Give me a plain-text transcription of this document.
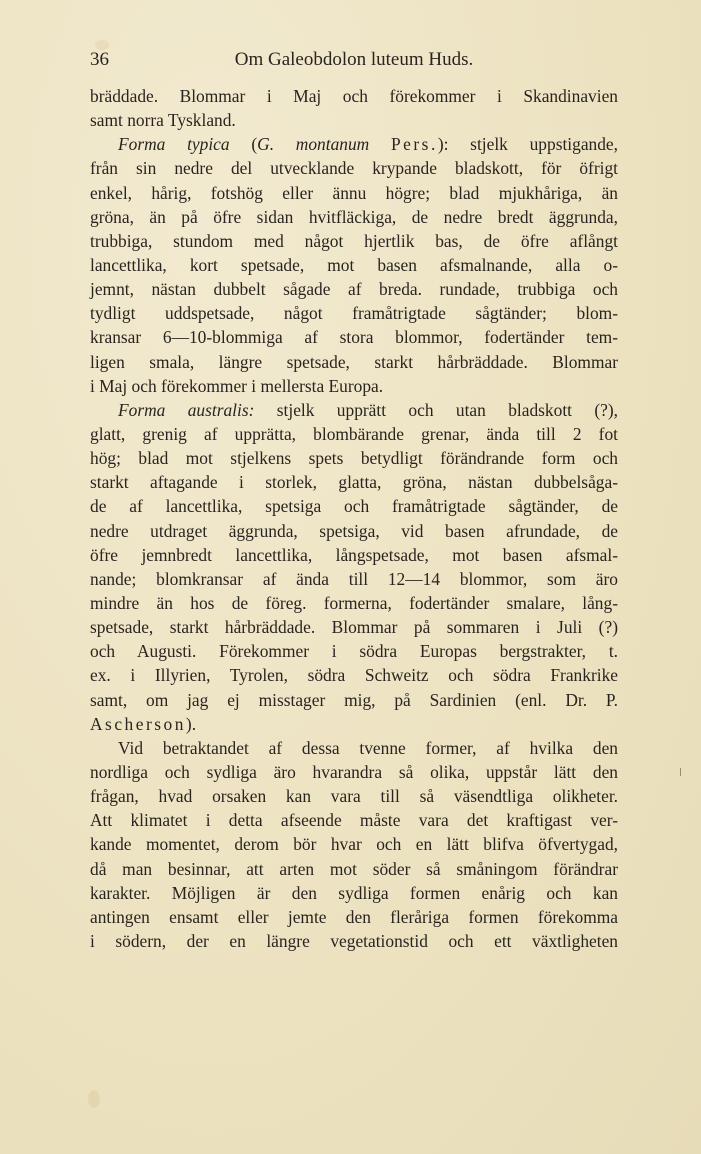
36	Om Galeobdolon luteum Huds.
bräddade. Blommar i Maj och förekommer i Skandinavien
samt norra Tyskland.
Forma typica (G. montanum Pers.): stjelk uppstigande,
från sin nedre del utvecklande krypande bladskott, för öfrigt
enkel, hårig, fotshög eller ännu högre; blad mjukhåriga, än
gröna, än på öfre sidan hvitfläckiga, de nedre bredt äggrunda,
trubbiga, stundom med något hjertlik bas, de öfre aflångt
lancettlika, kort spetsade, mot basen afsmalnande, alla o-
jemnt, nästan dubbelt sågade af breda. rundade, trubbiga och
tydligt uddspetsade, något framåtrigtade sågtänder; blom-
kransar 6—10-blommiga af stora blommor, fodertänder tem-
ligen smala, längre spetsade, starkt hårbräddade. Blommar
i Maj och förekommer i mellersta Europa.
Forma australis: stjelk upprätt och utan bladskott (?),
glatt, grenig af upprätta, blombärande grenar, ända till 2 fot
hög; blad mot stjelkens spets betydligt förändrande form och
starkt aftagande i storlek, glatta, gröna, nästan dubbelsåga-
de af lancettlika, spetsiga och framåtrigtade sågtänder, de
nedre utdraget äggrunda, spetsiga, vid basen afrundade, de
öfre jemnbredt lancettlika, långspetsade, mot basen afsmal-
nande; blomkransar af ända till 12—14 blommor, som äro
mindre än hos de föreg. formerna, fodertänder smalare, lång-
spetsade, starkt hårbräddade. Blommar på sommaren i Juli (?)
och Augusti. Förekommer i södra Europas bergstrakter, t.
ex. i Illyrien, Tyrolen, södra Schweitz och södra Frankrike
samt, om jag ej misstager mig, på Sardinien (enl. Dr. P.
Ascherson).
Vid betraktandet af dessa tvenne former, af hvilka den
nordliga och sydliga äro hvarandra så olika, uppstår lätt den
frågan, hvad orsaken kan vara till så väsendtliga olikheter.
Att klimatet i detta afseende måste vara det kraftigast ver-
kande momentet, derom bör hvar och en lätt blifva öfvertygad,
då man besinnar, att arten mot söder så småningom förändrar
karakter. Möjligen är den sydliga formen enårig och kan
antingen ensamt eller jemte den fleråriga formen förekomma
i södern, der en längre vegetationstid och ett växtligheten
